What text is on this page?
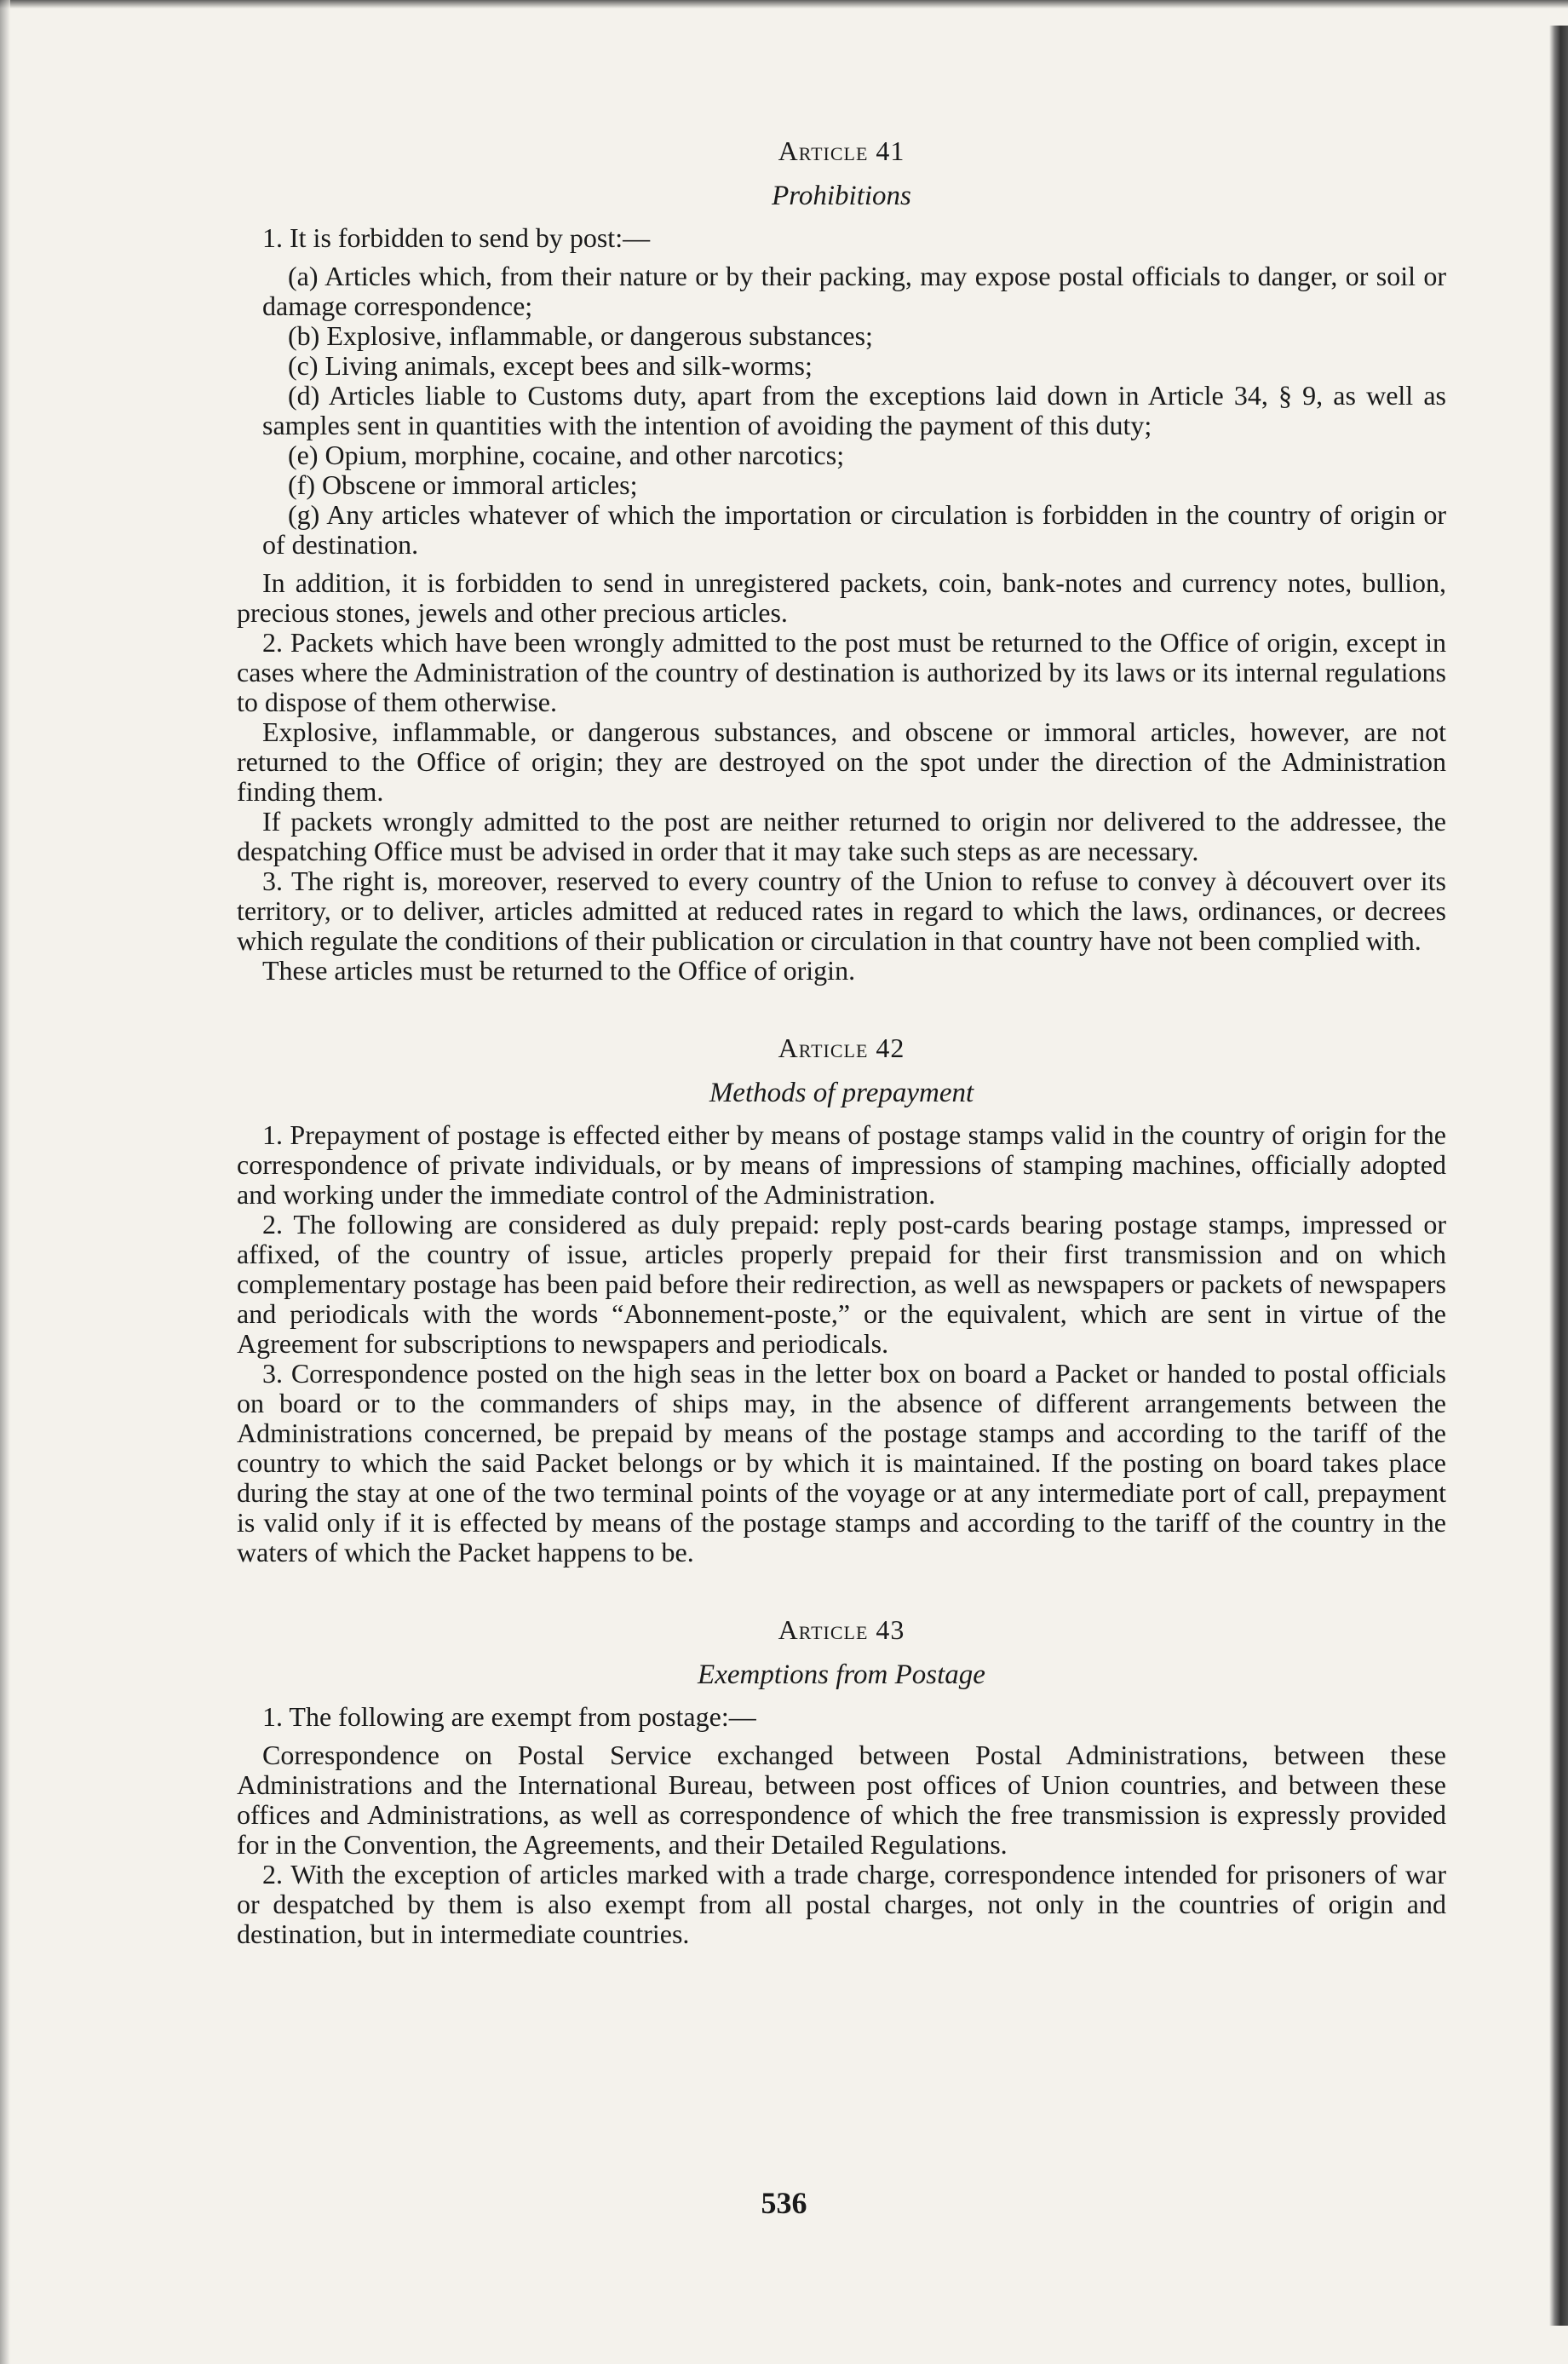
Article 41
Prohibitions

1. It is forbidden to send by post:—

(a) Articles which, from their nature or by their packing, may expose postal officials to danger, or soil or damage correspondence;

(b) Explosive, inflammable, or dangerous substances;

(c) Living animals, except bees and silk-worms;

(d) Articles liable to Customs duty, apart from the exceptions laid down in Article 34, § 9, as well as samples sent in quantities with the intention of avoiding the payment of this duty;

(e) Opium, morphine, cocaine, and other narcotics;

(f) Obscene or immoral articles;

(g) Any articles whatever of which the importation or circulation is forbidden in the country of origin or of destination.

In addition, it is forbidden to send in unregistered packets, coin, bank-notes and currency notes, bullion, precious stones, jewels and other precious articles.

2. Packets which have been wrongly admitted to the post must be returned to the Office of origin, except in cases where the Administration of the country of destination is authorized by its laws or its internal regulations to dispose of them otherwise.

Explosive, inflammable, or dangerous substances, and obscene or immoral articles, however, are not returned to the Office of origin; they are destroyed on the spot under the direction of the Administration finding them.

If packets wrongly admitted to the post are neither returned to origin nor delivered to the addressee, the despatching Office must be advised in order that it may take such steps as are necessary.

3. The right is, moreover, reserved to every country of the Union to refuse to convey à découvert over its territory, or to deliver, articles admitted at reduced rates in regard to which the laws, ordinances, or decrees which regulate the conditions of their publication or circulation in that country have not been complied with.

These articles must be returned to the Office of origin.

Article 42
Methods of prepayment

1. Prepayment of postage is effected either by means of postage stamps valid in the country of origin for the correspondence of private individuals, or by means of impressions of stamping machines, officially adopted and working under the immediate control of the Administration.

2. The following are considered as duly prepaid: reply post-cards bearing postage stamps, impressed or affixed, of the country of issue, articles properly prepaid for their first transmission and on which complementary postage has been paid before their redirection, as well as newspapers or packets of newspapers and periodicals with the words “Abonnement-poste,” or the equivalent, which are sent in virtue of the Agreement for subscriptions to newspapers and periodicals.

3. Correspondence posted on the high seas in the letter box on board a Packet or handed to postal officials on board or to the commanders of ships may, in the absence of different arrangements between the Administrations concerned, be prepaid by means of the postage stamps and according to the tariff of the country to which the said Packet belongs or by which it is maintained. If the posting on board takes place during the stay at one of the two terminal points of the voyage or at any intermediate port of call, prepayment is valid only if it is effected by means of the postage stamps and according to the tariff of the country in the waters of which the Packet happens to be.

Article 43
Exemptions from Postage

1. The following are exempt from postage:—

Correspondence on Postal Service exchanged between Postal Administrations, between these Administrations and the International Bureau, between post offices of Union countries, and between these offices and Administrations, as well as correspondence of which the free transmission is expressly provided for in the Convention, the Agreements, and their Detailed Regulations.

2. With the exception of articles marked with a trade charge, correspondence intended for prisoners of war or despatched by them is also exempt from all postal charges, not only in the countries of origin and destination, but in intermediate countries.

536
